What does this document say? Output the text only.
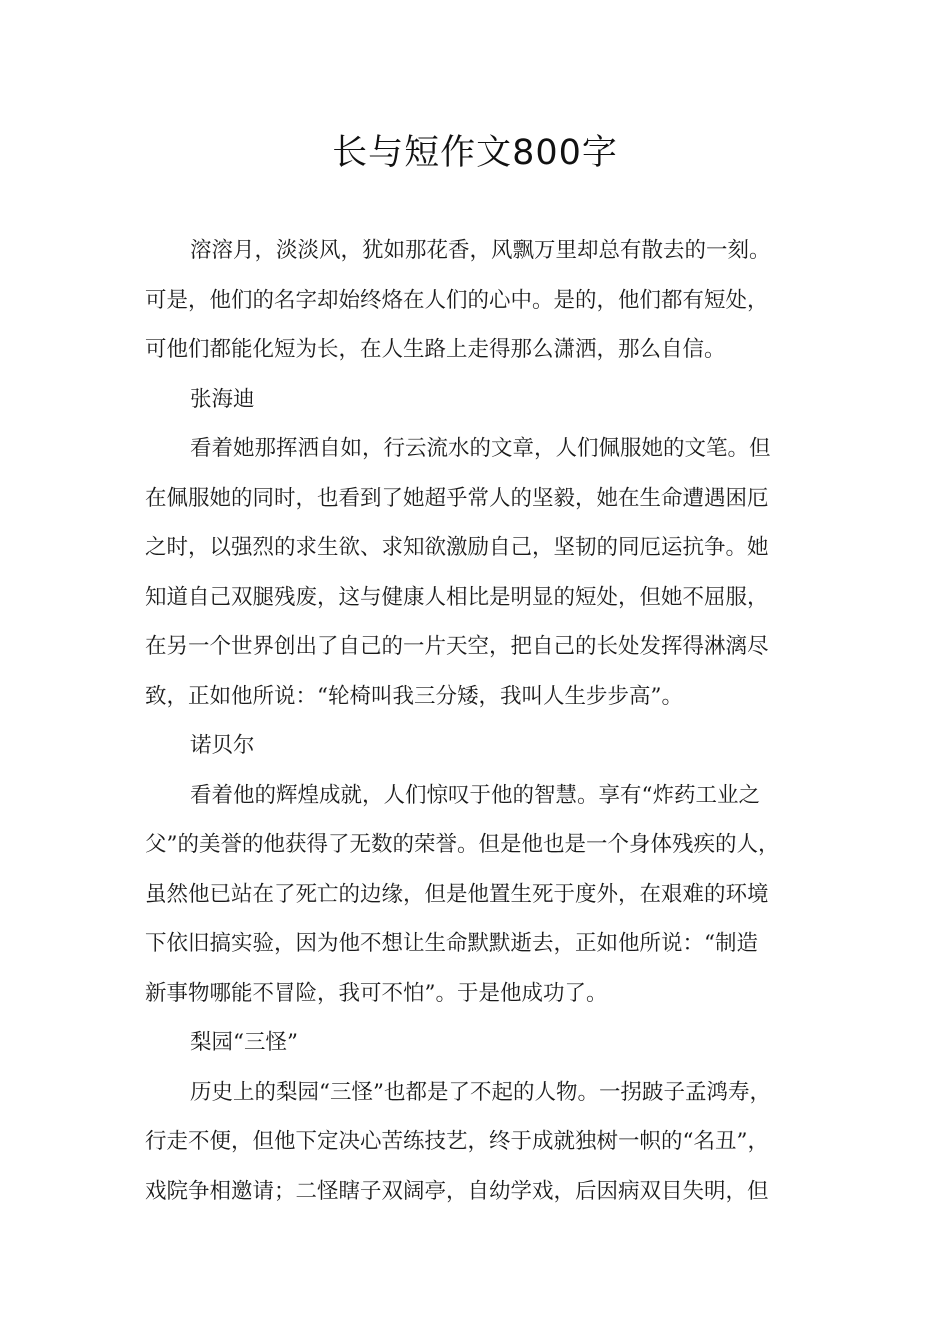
长与短作文800字
溶溶月，淡淡风，犹如那花香，风飘万里却总有散去的一刻。
可是，他们的名字却始终烙在人们的心中。是的，他们都有短处，
可他们都能化短为长，在人生路上走得那么潇洒，那么自信。
张海迪
看着她那挥洒自如，行云流水的文章，人们佩服她的文笔。但
在佩服她的同时，也看到了她超乎常人的坚毅，她在生命遭遇困厄
之时，以强烈的求生欲、求知欲激励自己，坚韧的同厄运抗争。她
知道自己双腿残废，这与健康人相比是明显的短处，但她不屈服，
在另一个世界创出了自己的一片天空，把自己的长处发挥得淋漓尽
致，正如他所说：“轮椅叫我三分矮，我叫人生步步高”。
诺贝尔
看着他的辉煌成就，人们惊叹于他的智慧。享有“炸药工业之
父”的美誉的他获得了无数的荣誉。但是他也是一个身体残疾的人，
虽然他已站在了死亡的边缘，但是他置生死于度外，在艰难的环境
下依旧搞实验，因为他不想让生命默默逝去，正如他所说：“制造
新事物哪能不冒险，我可不怕”。于是他成功了。
梨园“三怪”
历史上的梨园“三怪”也都是了不起的人物。一拐跛子孟鸿寿，
行走不便，但他下定决心苦练技艺，终于成就独树一帜的“名丑”，
戏院争相邀请；二怪瞎子双阔亭，自幼学戏，后因病双目失明，但
